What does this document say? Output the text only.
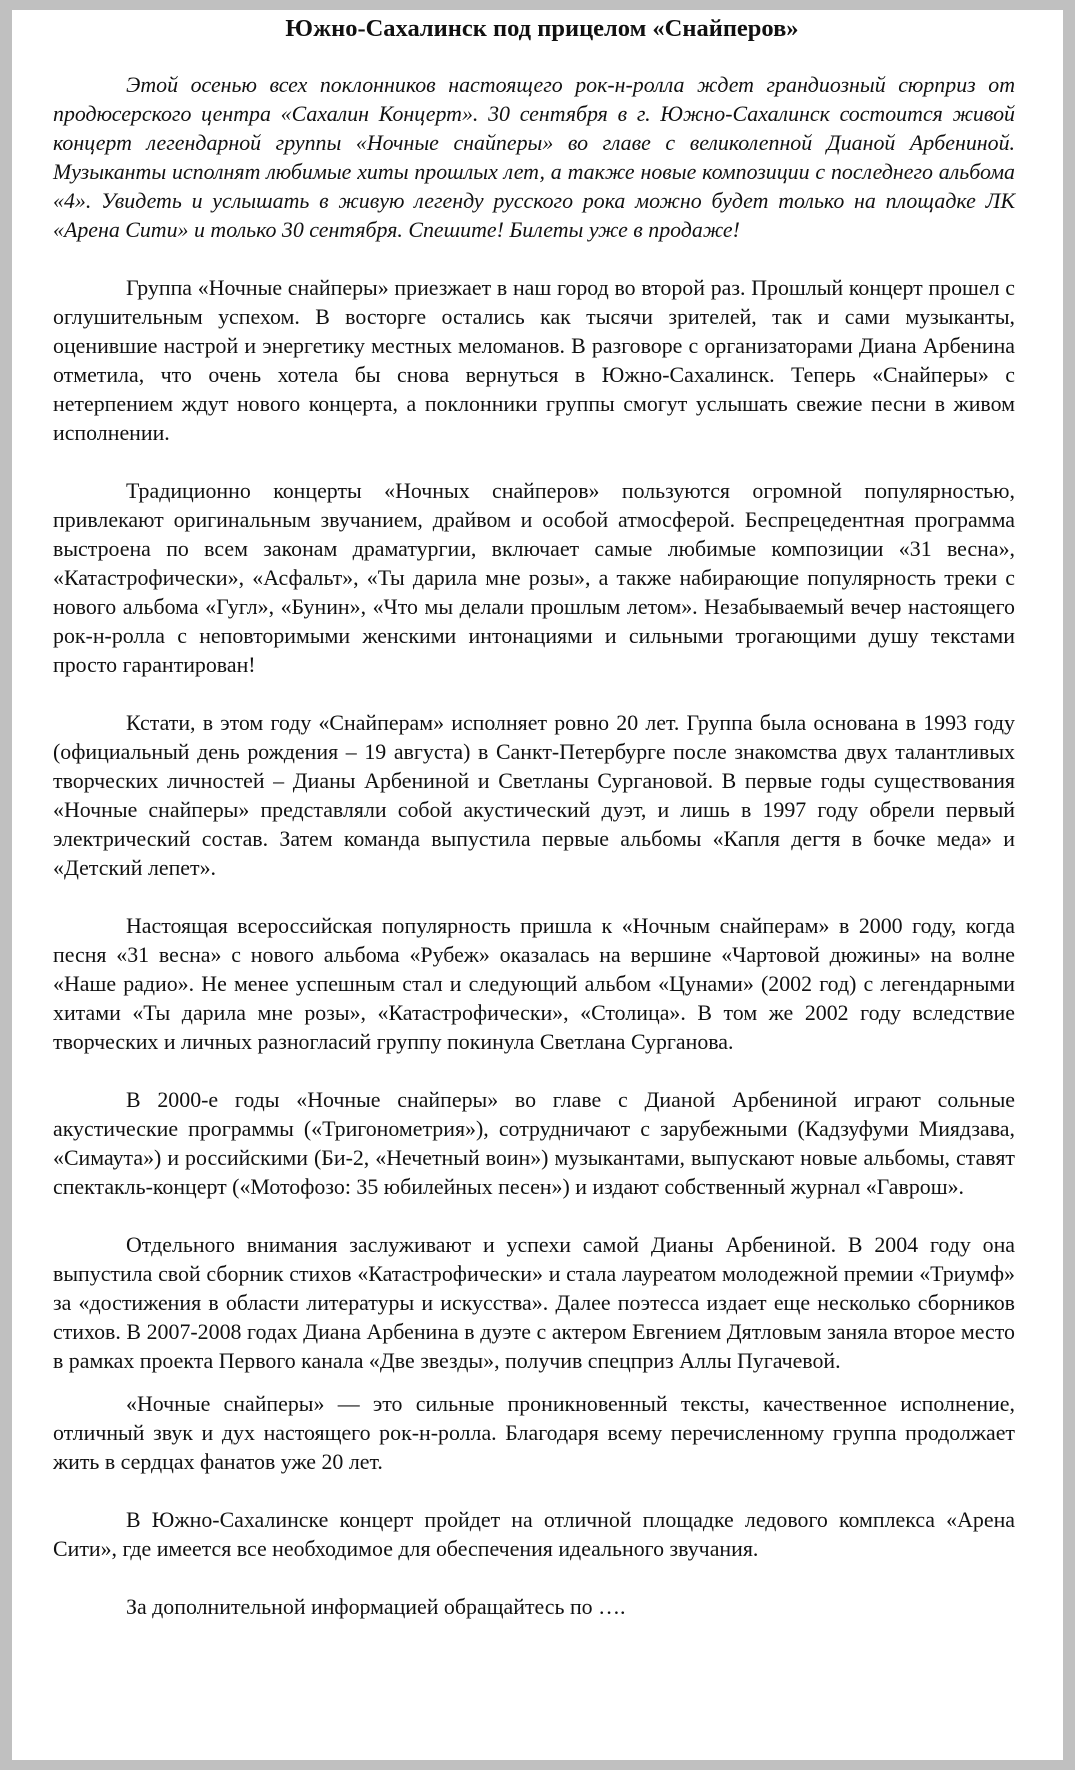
Южно-Сахалинск под прицелом «Снайперов»

Этой осенью всех поклонников настоящего рок-н-ролла ждет грандиозный сюрприз от продюсерского центра «Сахалин Концерт». 30 сентября в г. Южно-Сахалинск состоится живой концерт легендарной группы «Ночные снайперы» во главе с великолепной Дианой Арбениной. Музыканты исполнят любимые хиты прошлых лет, а также новые композиции с последнего альбома «4». Увидеть и услышать в живую легенду русского рока можно будет только на площадке ЛК «Арена Сити» и только 30 сентября. Спешите! Билеты уже в продаже!

Группа «Ночные снайперы» приезжает в наш город во второй раз. Прошлый концерт прошел с оглушительным успехом. В восторге остались как тысячи зрителей, так и сами музыканты, оценившие настрой и энергетику местных меломанов. В разговоре с организаторами Диана Арбенина отметила, что очень хотела бы снова вернуться в Южно-Сахалинск. Теперь «Снайперы» с нетерпением ждут нового концерта, а поклонники группы смогут услышать свежие песни в живом исполнении.

Традиционно концерты «Ночных снайперов» пользуются огромной популярностью, привлекают оригинальным звучанием, драйвом и особой атмосферой. Беспрецедентная программа выстроена по всем законам драматургии, включает самые любимые композиции «31 весна», «Катастрофически», «Асфальт», «Ты дарила мне розы», а также набирающие популярность треки с нового альбома «Гугл», «Бунин», «Что мы делали прошлым летом». Незабываемый вечер настоящего рок-н-ролла с неповторимыми женскими интонациями и сильными трогающими душу текстами просто гарантирован!

Кстати, в этом году «Снайперам» исполняет ровно 20 лет. Группа была основана в 1993 году (официальный день рождения – 19 августа) в Санкт-Петербурге после знакомства двух талантливых творческих личностей – Дианы Арбениной и Светланы Сургановой. В первые годы существования «Ночные снайперы» представляли собой акустический дуэт, и лишь в 1997 году обрели первый электрический состав. Затем команда выпустила первые альбомы «Капля дегтя в бочке меда» и «Детский лепет».

Настоящая всероссийская популярность пришла к «Ночным снайперам» в 2000 году, когда песня «31 весна» с нового альбома «Рубеж» оказалась на вершине «Чартовой дюжины» на волне «Наше радио». Не менее успешным стал и следующий альбом «Цунами» (2002 год) с легендарными хитами «Ты дарила мне розы», «Катастрофически», «Столица». В том же 2002 году вследствие творческих и личных разногласий группу покинула Светлана Сурганова.

В 2000-е годы «Ночные снайперы» во главе с Дианой Арбениной играют сольные акустические программы («Тригонометрия»), сотрудничают с зарубежными (Кадзуфуми Миядзава, «Симаута») и российскими (Би-2, «Нечетный воин») музыкантами, выпускают новые альбомы, ставят спектакль-концерт («Мотофозо: 35 юбилейных песен») и издают собственный журнал «Гаврош».

Отдельного внимания заслуживают и успехи самой Дианы Арбениной. В 2004 году она выпустила свой сборник стихов «Катастрофически» и стала лауреатом молодежной премии «Триумф» за «достижения в области литературы и искусства». Далее поэтесса издает еще несколько сборников стихов. В 2007-2008 годах Диана Арбенина в дуэте с актером Евгением Дятловым заняла второе место в рамках проекта Первого канала «Две звезды», получив спецприз Аллы Пугачевой.

«Ночные снайперы» — это сильные проникновенный тексты, качественное исполнение, отличный звук и дух настоящего рок-н-ролла. Благодаря всему перечисленному группа продолжает жить в сердцах фанатов уже 20 лет.

В Южно-Сахалинске концерт пройдет на отличной площадке ледового комплекса «Арена Сити», где имеется все необходимое для обеспечения идеального звучания.

За дополнительной информацией обращайтесь по ….
